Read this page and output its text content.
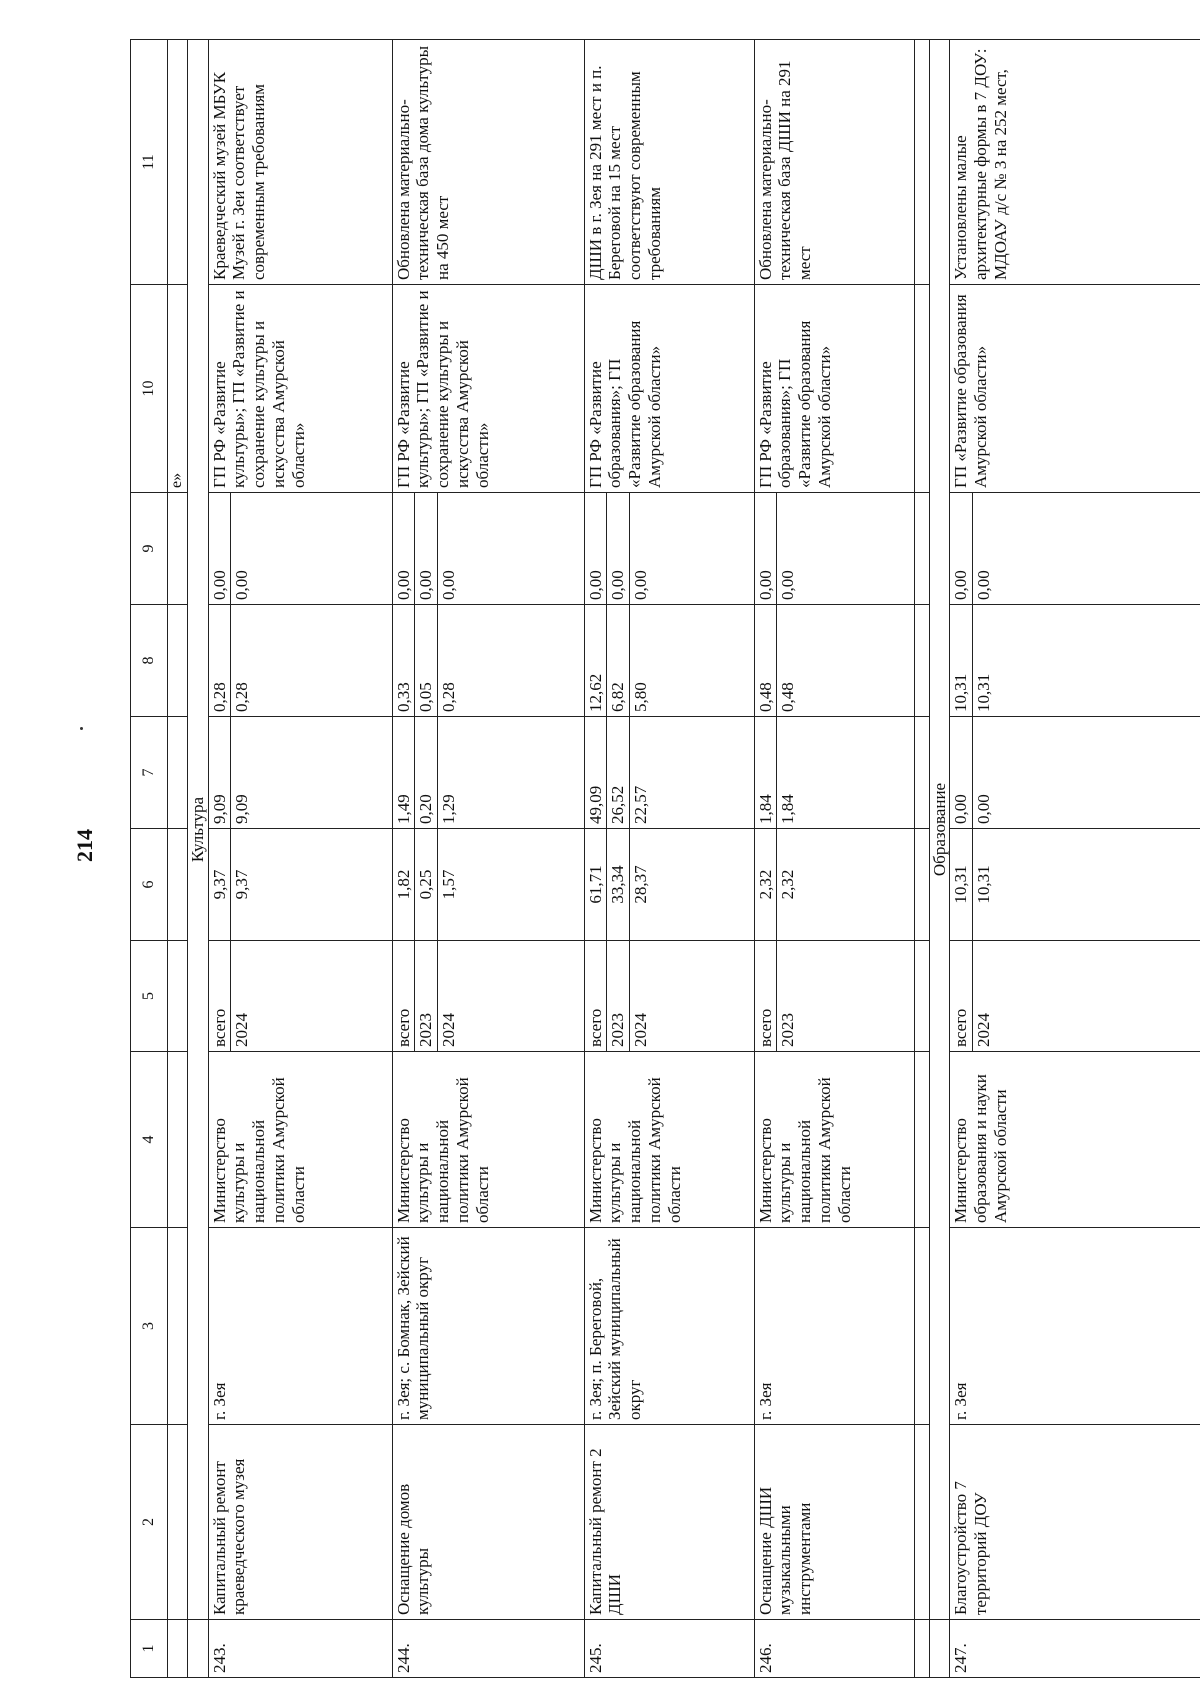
214
1	2	3	4	5	6	7	8	9	10	11
									е»	
	Культура									
243.	Капитальный ремонт краеведческого музея	г. Зея	Министерство культуры и национальной политики Амурской области	всего 2024	9,37 9,37	9,09 9,09	0,28 0,28	0,00 0,00	ГП РФ «Развитие культуры»; ГП «Развитие и сохранение культуры и искусства Амурской области»	Краеведческий музей МБУК Музей г. Зеи соответствует современным требованиям
244.	Оснащение домов культуры	г. Зея; с. Бомнак, Зейский муниципальный округ	Министерство культуры и национальной политики Амурской области	всего 2023 2024	1,82 0,25 1,57	1,49 0,20 1,29	0,33 0,05 0,28	0,00 0,00 0,00	ГП РФ «Развитие культуры»; ГП «Развитие и сохранение культуры и искусства Амурской области»	Обновлена материально-техническая база дома культуры на 450 мест
245.	Капитальный ремонт 2 ДШИ	г. Зея; п. Береговой, Зейский муниципальный округ	Министерство культуры и национальной политики Амурской области	всего 2023 2024	61,71 33,34 28,37	49,09 26,52 22,57	12,62 6,82 5,80	0,00 0,00 0,00	ГП РФ «Развитие образования»; ГП «Развитие образования Амурской области»	ДШИ в г. Зея на 291 мест и п. Береговой на 15 мест соответствуют современным требованиям
246.	Оснащение ДШИ музыкальными инструментами	г. Зея	Министерство культуры и национальной политики Амурской области	всего 2023	2,32 2,32	1,84 1,84	0,48 0,48	0,00 0,00	ГП РФ «Развитие образования»; ГП «Развитие образования Амурской области»	Обновлена материально-техническая база ДШИ на 291 мест

	Образование									
247.	Благоустройство 7 территорий ДОУ	г. Зея	Министерство образования и науки Амурской области	всего 2024	10,31 10,31	0,00 0,00	10,31 10,31	0,00 0,00	ГП «Развитие образования Амурской области»	Установлены малые архитектурные формы в 7 ДОУ: МДОАУ д/с № 3 на 252 мест,
